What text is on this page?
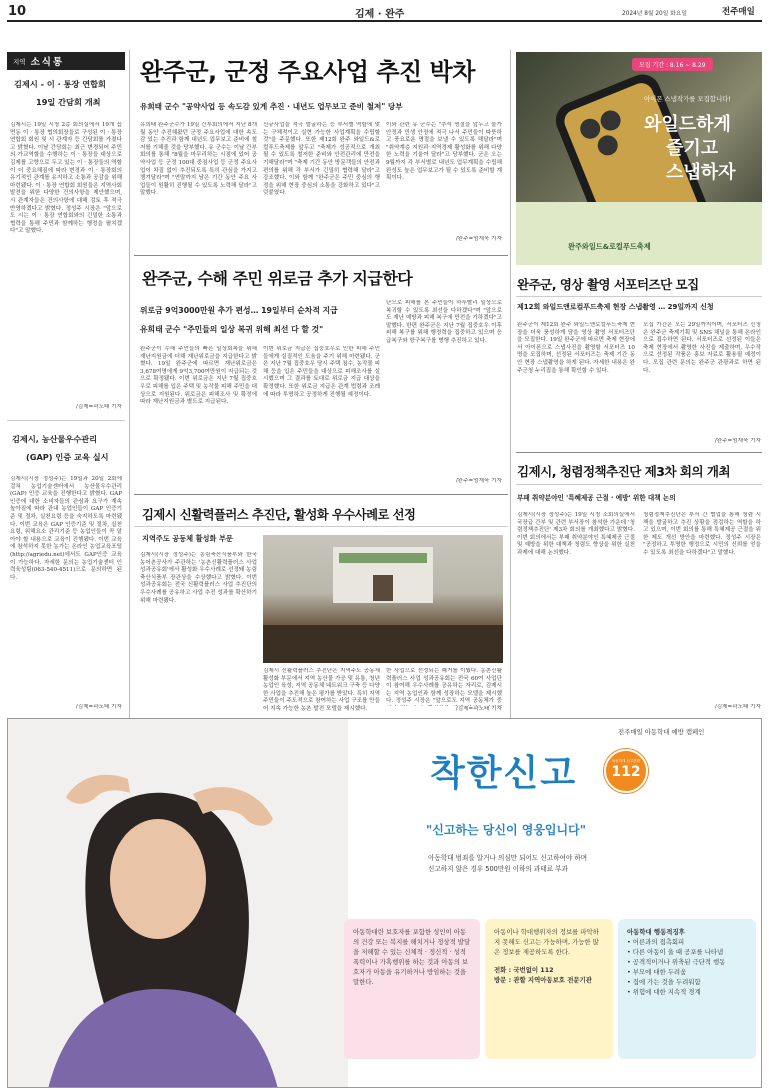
10	김제 · 완주	2024년 8월 20일 화요일	전주매일
지역 소식통
김제시 - 이 · 통장 연합회
19일 간담회 개최
김제시는 19일 시청 2층 회의실에서 19개 읍면동 이 · 통장 협의회장들로 구성된 이 · 통장연합회 회원 및 시 관계자 등 간담회를 가졌다고 밝혔다. 이날 간담회는 최근 변경되어 주민의 가교역할을 수행하는 이 · 통장들 대상으로 김제를 고향으로 두고 있는 이 · 통장들의 역할이 더 중요해짐에 따라 변경과 이 · 통장회의 유기적인 관계를 유지하고 소통과 공감을 위해 마련됐다. 이 · 통장 연합회 회원들은 지역사회 발전을 위한 다양한 건의사항을 제안했으며, 시 관계자들은 건의사항에 대해 검토 후 적극 반영하겠다고 밝혔다. 정성주 시장은 "앞으로도 시는 이 · 통장 연합회와의 긴밀한 소통과 협력을 통해 주민과 함께하는 행정을 펼치겠다"고 말했다.
/김제=곽노태 기자
김제시, 농산물우수관리
(GAP) 인증 교육 실시
김제시(시장 정성주)는 19일과 20일 2회에 걸쳐 농업기술센터에서 농산물우수관리(GAP) 인증 교육을 진행한다고 밝혔다. GAP인증에 대한 소비자들의 관심과 요구가 계속 높아짐에 따라 관내 농업인들이 GAP 인증기준 및 절차, 실천요령 등을 숙지하도록 마련됐다. 이번 교육은 GAP 인증기준 및 절차, 실천요령, 위해요소 관리기준 등 농업인들이 꼭 알아야 할 내용으로 교육이 진행됐다. 이번 교육에 참석하지 못한 농가는 온라인 농업교육포털(http://agriedu.net)에서도 GAP인증 교육이 가능하다. 자세한 문의는 농업기술센터 인력육성팀(063-540-4511)으로 문의하면 된다.
/김제=곽노태 기자
완주군, 군정 주요사업 추진 박차
유희태 군수 "공약사업 등 속도감 있게 추진 · 내년도 업무보고 준비 철저" 당부
유희태 완주군수가 19일 간부회의에서 지난 8개월 동안 추진해왔던 군정 주요사업에 대한 속도감 있는 추진과 함께 내년도 업무보고 준비에 철저를 기해줄 것을 당부했다. 유 군수는 이날 간부회의를 통해 "8월을 마무리하는 시점에 있어 공약사업 등 군정 100대 중점사업 등 군정 주요사업이 차질 없이 추진되도록 특히 관심을 가지고 챙겨달라"며 "연말까지 남은 기간 동안 주요 사업들이 원활히 진행될 수 있도록 노력해 달라"고 말했다.
신규사업을 적극 발굴하는 등 부서별 역할에 맞는 구체적이고 실현 가능한 사업계획을 수립할 것"을 주문했다. 또한 제12회 완주 와일드&로컬푸드축제를 앞두고 "축제가 성공적으로 개최될 수 있도록 철저한 준비와 안전관리에 만전을 기해달라"며 "축제 기간 동안 방문객들의 안전과 편의를 위해 각 부서가 긴밀히 협력해 달라"고 강조했다. 이와 함께 "완주군은 주민 중심의 행정을 위해 현장 중심의 소통을 강화하고 있다"고 덧붙였다.
이와 관련 유 군수는 "추석 명절을 앞두고 물가 안정과 민생 안정에 적극 나서 주민들이 따뜻하고 풍요로운 명절을 보낼 수 있도록 해달라"며 "취약계층 지원과 지역경제 활성화를 위해 다양한 노력을 기울여 달라"고 당부했다. 군은 오는 9월까지 각 부서별로 내년도 업무계획을 수립해 완성도 높은 업무보고가 될 수 있도록 준비할 계획이다.
/완주=엄재욱 기자
모집 기간 : 8.16 ~ 8.29
아이폰 스냅작가를 모집합니다!
와일드하게
즐기고
스냅하자
완주와일드&로컬푸드축제
완주군, 수해 주민 위로금 추가 지급한다
위로금 9억3000만원 추가 편성… 19일부터 순차적 지급
유희태 군수 "주민들의 일상 복귀 위해 최선 다 할 것"
완주군이 수해 주민들의 빠른 일상회복을 위해 재난지원금에 더해 재난위로금을 지급한다고 밝혔다. 19일 완주군에 따르면 재난위로금은 3,678여명에게 9억3,700여만원이 지급되는 것으로 확정됐다. 이번 위로금은 지난 7월 집중호우로 피해를 입은 주택 및 농작물 피해 주민을 대상으로 지원된다. 위로금은 피해조사 및 확정에 따라 재난지원금과 별도로 지급된다.
이번 위로금 지급은 집중호우로 인한 피해 주민들에게 실질적인 도움을 주기 위해 마련됐다. 군은 지난 7월 집중호우 당시 주택 침수, 농작물 피해 등을 입은 주민들을 대상으로 피해조사를 실시했으며 그 결과를 토대로 위로금 지급 대상을 확정했다. 또한 위로금 지급은 관계 법령과 조례에 따라 투명하고 공정하게 진행될 예정이다.
난으로 피해를 본 주민들이 하루빨리 일상으로 복귀할 수 있도록 최선을 다하겠다"며 "앞으로도 재난 예방과 피해 복구에 만전을 기하겠다"고 말했다. 한편 완주군은 지난 7월 집중호우 이후 피해 복구를 위해 행정력을 집중하고 있으며 응급복구와 항구복구를 병행 추진하고 있다.
/완주=엄재욱 기자
완주군, 영상 촬영 서포터즈단 모집
제12회 와일드앤로컬푸드축제 현장 스냅촬영 … 29일까지 신청
완주군이 제12회 완주 와일드앤로컬푸드축제 현장을 더욱 풍성하게 담을 영상 촬영 서포터즈단을 모집한다. 19일 완주군에 따르면 축제 현장에서 아이폰으로 스냅사진을 촬영할 서포터즈 10명을 모집하며, 선정된 서포터즈는 축제 기간 동안 현장 스냅촬영을 하게 된다. 자세한 내용은 완주군청 누리집을 통해 확인할 수 있다.
모집 기간은 오는 29일까지이며, 서포터즈 신청은 완주군 축제기획 및 SNS 채널을 통해 온라인으로 접수하면 된다. 서포터즈로 선정된 이들은 축제 현장에서 촬영한 사진을 제출하며, 우수작으로 선정된 작품은 홍보 자료로 활용될 예정이다. 모집 관련 문의는 완주군 관광과로 하면 된다.
/완주=엄재욱 기자
김제시 신활력플러스 추진단, 활성화 우수사례로 선정
지역주도 공동체 활성화 부문
김제시(시장 정성주)는 농림축산식품부와 한국농어촌공사가 주관하는 '농촌신활력플러스 사업 성과공유회'에서 활성화 우수사례로 선정돼 농림축산식품부 장관상을 수상했다고 밝혔다. 이번 성과공유회는 전국 신활력플러스 사업 추진단의 우수사례를 공유하고 사업 추진 성과를 확산하기 위해 마련됐다.
김제시 신활력플러스 추진단은 지역주도 공동체 활성화 부문에서 지역 농산물 가공 및 유통, 청년 농업인 육성, 지역 공동체 네트워크 구축 등 다양한 사업을 추진해 높은 평가를 받았다. 특히 지역 주민들이 주도적으로 참여하는 사업 구조를 만들어 지속 가능한 농촌 발전 모델을 제시했다.
한 사업으로 선정되는 쾌거를 이뤘다. 농촌신활력플러스 사업 성과공유회는 전국 60여 사업단이 참여해 우수사례를 공유하는 자리로, 김제시는 지역 농업인과 함께 성장하는 모델을 제시했다. 정성주 시장은 "앞으로도 지역 공동체가 중
/김제=곽노태 기자
김제시, 청렴정책추진단 제3차 회의 개최
부패 취약분야인 '특혜제공 근절 · 예방' 위한 대책 논의
김제시(시장 정성주)는 19일 시청 소회의실에서 국장급 간부 및 관련 부서장이 참석한 가운데 '청렴정책추진단' 제3차 회의를 개최했다고 밝혔다. 이번 회의에서는 부패 취약분야인 특혜제공 근절 및 예방을 위한 대책과 청렴도 향상을 위한 실천 과제에 대해 논의했다.
청렴정책추진단은 부서 간 협업을 통해 청렴 시책을 발굴하고 추진 상황을 점검하는 역할을 하고 있으며, 이번 회의를 통해 특혜제공 근절을 위한 제도 개선 방안을 마련했다. 정성주 시장은 "공정하고 투명한 행정으로 시민의 신뢰를 얻을 수 있도록 최선을 다하겠다"고 말했다.
/김제=곽노태 기자
전주매일 아동학대 예방 캠페인
착한신고	아동학대 신고전화
112
"신고하는 당신이 영웅입니다"
아동학대 범죄를 알거나 의심만 되어도 신고하여야 하며
신고하지 않은 경우 500만원 이하의 과태료 부과
아동학대란 보호자를 포함한 성인이 아동의 건강 또는 복지를 해치거나 정상적 발달을 저해할 수 있는 신체적 · 정신적 · 성적 폭력이나 가혹행위를 하는 것과 아동의 보호자가 아동을 유기하거나 방임하는 것을 말한다.
아동이나 학대행위자의 정보를 파악하지 못해도 신고는 가능하며, 가능한 많은 정보를 제공하도록 한다.
전화 : 국번없이 112
방문 : 관할 지역아동보호 전문기관
아동학대 행동적징후
• 어른과의 접촉회피
• 다른 아동이 울 때 공포를 나타냄
• 공격적이거나 위축된 극단적 행동
• 부모에 대한 두려움
• 집에 가는 것을 두려워함
• 위험에 대한 지속적 경계
